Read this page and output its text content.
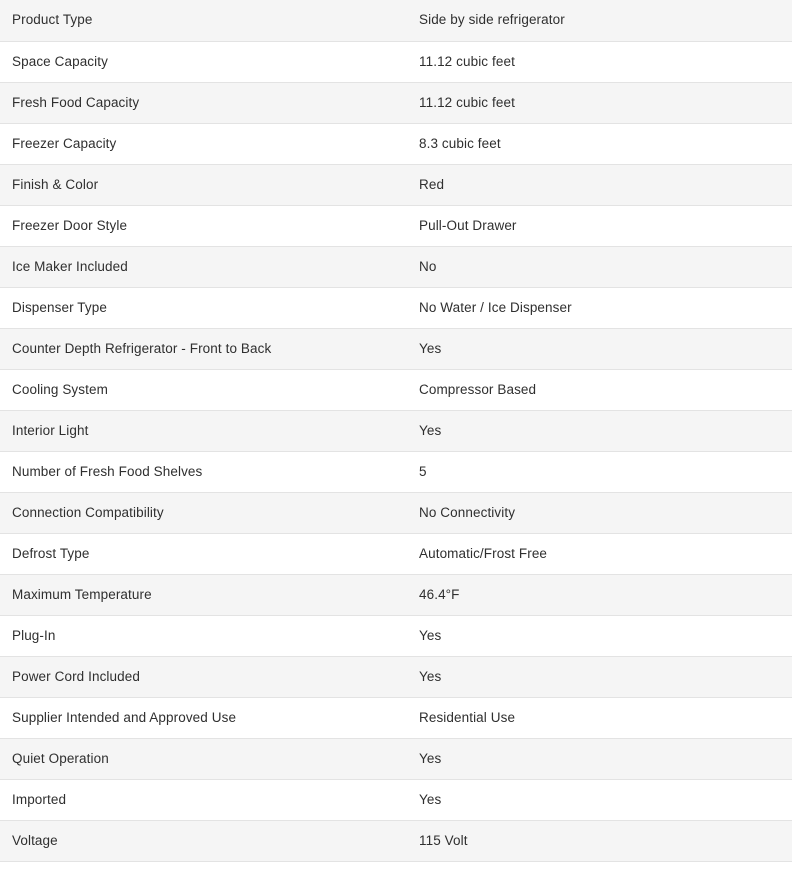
Product Type	Side by side refrigerator
Space Capacity	11.12 cubic feet
Fresh Food Capacity	11.12 cubic feet
Freezer Capacity	8.3 cubic feet
Finish & Color	Red
Freezer Door Style	Pull-Out Drawer
Ice Maker Included	No
Dispenser Type	No Water / Ice Dispenser
Counter Depth Refrigerator - Front to Back	Yes
Cooling System	Compressor Based
Interior Light	Yes
Number of Fresh Food Shelves	5
Connection Compatibility	No Connectivity
Defrost Type	Automatic/Frost Free
Maximum Temperature	46.4°F
Plug-In	Yes
Power Cord Included	Yes
Supplier Intended and Approved Use	Residential Use
Quiet Operation	Yes
Imported	Yes
Voltage	115 Volt
